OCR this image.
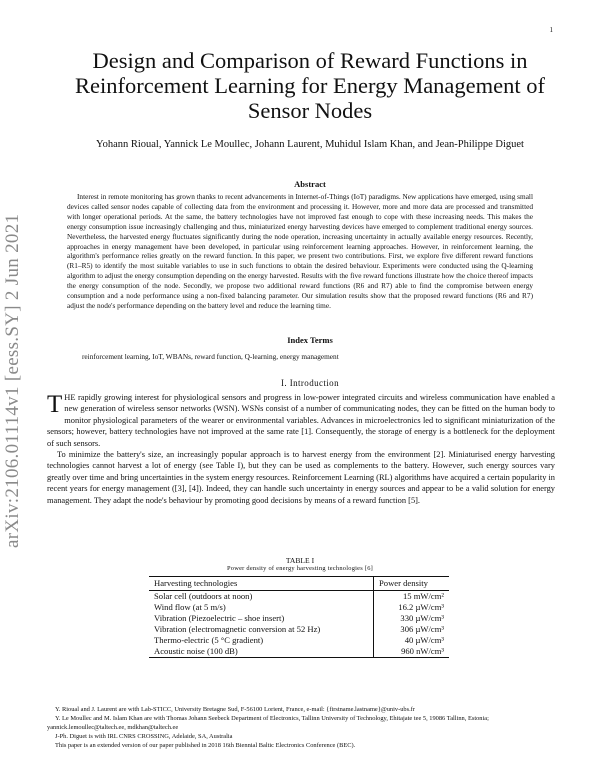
1
arXiv:2106.01114v1 [eess.SY] 2 Jun 2021
Design and Comparison of Reward Functions in Reinforcement Learning for Energy Management of Sensor Nodes
Yohann Rioual, Yannick Le Moullec, Johann Laurent, Muhidul Islam Khan, and Jean-Philippe Diguet
Abstract
Interest in remote monitoring has grown thanks to recent advancements in Internet-of-Things (IoT) paradigms. New applications have emerged, using small devices called sensor nodes capable of collecting data from the environment and processing it. However, more and more data are processed and transmitted with longer operational periods. At the same, the battery technologies have not improved fast enough to cope with these increasing needs. This makes the energy consumption issue increasingly challenging and thus, miniaturized energy harvesting devices have emerged to complement traditional energy sources. Nevertheless, the harvested energy fluctuates significantly during the node operation, increasing uncertainty in actually available energy resources. Recently, approaches in energy management have been developed, in particular using reinforcement learning approaches. However, in reinforcement learning, the algorithm's performance relies greatly on the reward function. In this paper, we present two contributions. First, we explore five different reward functions (R1–R5) to identify the most suitable variables to use in such functions to obtain the desired behaviour. Experiments were conducted using the Q-learning algorithm to adjust the energy consumption depending on the energy harvested. Results with the five reward functions illustrate how the choice thereof impacts the energy consumption of the node. Secondly, we propose two additional reward functions (R6 and R7) able to find the compromise between energy consumption and a node performance using a non-fixed balancing parameter. Our simulation results show that the proposed reward functions (R6 and R7) adjust the node's performance depending on the battery level and reduce the learning time.
Index Terms
reinforcement learning, IoT, WBANs, reward function, Q-learning, energy management
I. Introduction

THE rapidly growing interest for physiological sensors and progress in low-power integrated circuits and wireless communication have enabled a new generation of wireless sensor networks (WSN). WSNs consist of a number of communicating nodes, they can be fitted on the human body to monitor physiological parameters of the wearer or environmental variables. Advances in microelectronics led to significant miniaturization of the sensors; however, battery technologies have not improved at the same rate [1]. Consequently, the storage of energy is a bottleneck for the deployment of such sensors.

To minimize the battery's size, an increasingly popular approach is to harvest energy from the environment [2]. Miniaturised energy harvesting technologies cannot harvest a lot of energy (see Table I), but they can be used as complements to the battery. However, such energy sources vary greatly over time and bring uncertainties in the system energy resources. Reinforcement Learning (RL) algorithms have acquired a certain popularity in recent years for energy management ([3], [4]). Indeed, they can handle such uncertainty in energy sources and appear to be a valid solution for energy management. They adapt the node's behaviour by promoting good decisions by means of a reward function [5].

TABLE I
Power density of energy harvesting technologies [6]
Harvesting technologies	Power density
Solar cell (outdoors at noon)	15 mW/cm²
Wind flow (at 5 m/s)	16.2 µW/cm³
Vibration (Piezoelectric – shoe insert)	330 µW/cm³
Vibration (electromagnetic conversion at 52 Hz)	306 µW/cm³
Thermo-electric (5 °C gradient)	40 µW/cm³
Acoustic noise (100 dB)	960 nW/cm³
Y. Rioual and J. Laurent are with Lab-STICC, University Bretagne Sud, F-56100 Lorient, France, e-mail: {firstname.lastname}@univ-ubs.fr
Y. Le Moullec and M. Islam Khan are with Thomas Johann Seebeck Department of Electronics, Tallinn University of Technology, Ehitajate tee 5, 19086 Tallinn, Estonia; yannick.lemoullec@taltech.ee, mdkhan@taltech.ee
J-Ph. Diguet is with IRL CNRS CROSSING, Adelaide, SA, Australia
This paper is an extended version of our paper published in 2018 16th Biennial Baltic Electronics Conference (BEC).
